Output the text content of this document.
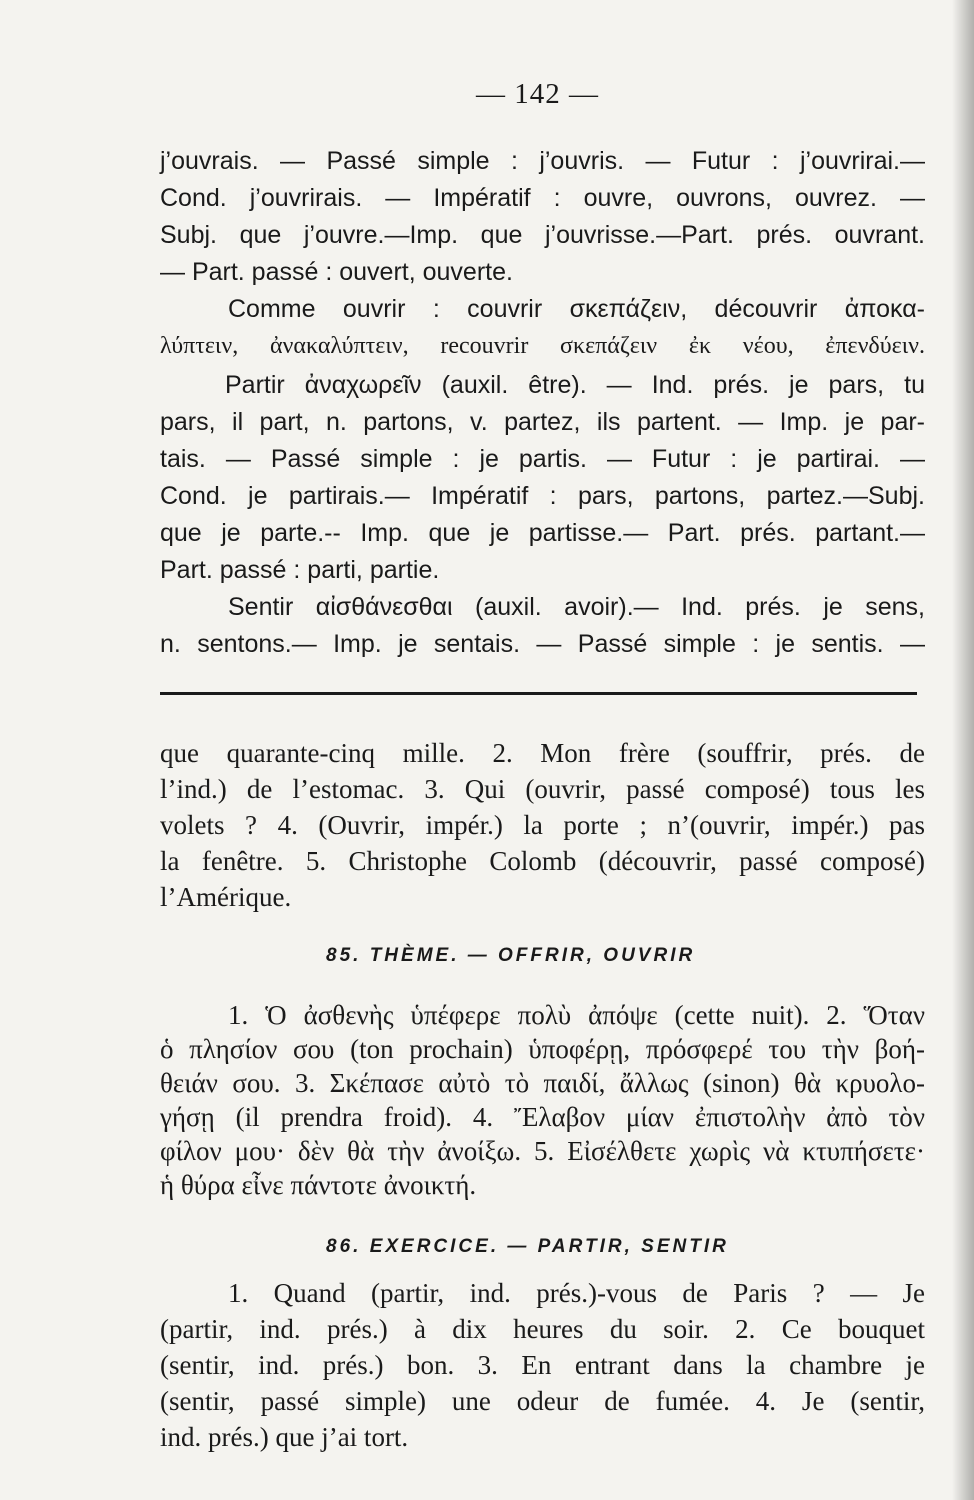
— 142 —
j’ouvrais. — Passé simple : j’ouvris. — Futur : j’ouvrirai.—
Cond. j’ouvrirais. — Impératif : ouvre, ouvrons, ouvrez. —
Subj. que j’ouvre.—Imp. que j’ouvrisse.—Part. prés. ouvrant.
— Part. passé : ouvert, ouverte.
Comme ouvrir : couvrir σκεπάζειν, découvrir ἀποκα-
λύπτειν, ἀνακαλύπτειν, recouvrir σκεπάζειν ἐκ νέου, ἐπενδύειν.
Partir ἀναχωρεῖν (auxil. être). — Ind. prés. je pars, tu
pars, il part, n. partons, v. partez, ils partent. — Imp. je par-
tais. — Passé simple : je partis. — Futur : je partirai. —
Cond. je partirais.— Impératif : pars, partons, partez.—Subj.
que je parte.-- Imp. que je partisse.— Part. prés. partant.—
Part. passé : parti, partie.
Sentir αἰσθάνεσθαι (auxil. avoir).— Ind. prés. je sens,
n. sentons.— Imp. je sentais. — Passé simple : je sentis. —
que quarante-cinq mille. 2. Mon frère (souffrir, prés. de
l’ind.) de l’estomac. 3. Qui (ouvrir, passé composé) tous les
volets ? 4. (Ouvrir, impér.) la porte ; n’(ouvrir, impér.) pas
la fenêtre. 5. Christophe Colomb (découvrir, passé composé)
l’Amérique.
85. THÈME. — OFFRIR, OUVRIR
1. Ὁ ἀσθενὴς ὑπέφερε πολὺ ἀπόψε (cette nuit). 2. Ὅταν
ὁ πλησίον σου (ton prochain) ὑποφέρῃ, πρόσφερέ του τὴν βοή-
θειάν σου. 3. Σκέπασε αὐτὸ τὸ παιδί, ἄλλως (sinon) θὰ κρυολο-
γήσῃ (il prendra froid). 4. Ἔλαβον μίαν ἐπιστολὴν ἀπὸ τὸν
φίλον μου· δὲν θὰ τὴν ἀνοίξω. 5. Εἰσέλθετε χωρὶς νὰ κτυπήσετε·
ἡ θύρα εἶνε πάντοτε ἀνοικτή.
86. EXERCICE. — PARTIR, SENTIR
1. Quand (partir, ind. prés.)-vous de Paris ? — Je
(partir, ind. prés.) à dix heures du soir. 2. Ce bouquet
(sentir, ind. prés.) bon. 3. En entrant dans la chambre je
(sentir, passé simple) une odeur de fumée. 4. Je (sentir,
ind. prés.) que j’ai tort.
